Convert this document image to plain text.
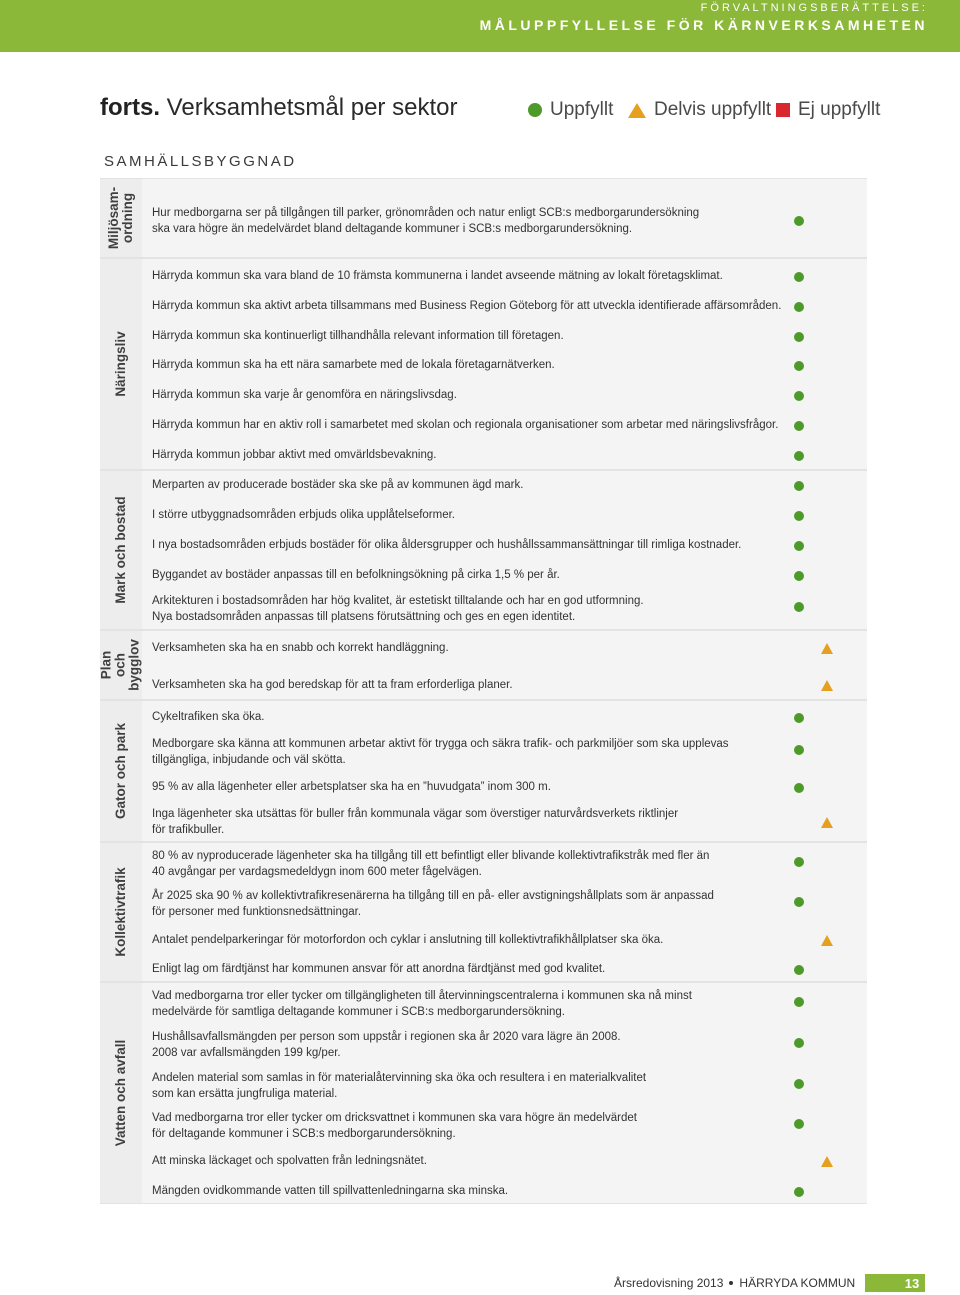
FÖRVALTNINGSBERÄTTELSE:
MÅLUPPFYLLELSE FÖR KÄRNVERKSAMHETEN
forts. Verksamhetsmål per sektor	Uppfyllt Delvis uppfyllt Ej uppfyllt
SAMHÄLLSBYGGNAD
Miljösam-
ordning Hur medborgarna ser på tillgången till parker, grönområden och natur enligt SCB:s medborgarundersökning
ska vara högre än medelvärdet bland deltagande kommuner i SCB:s medborgarundersökning.
Näringsliv
Härryda kommun ska vara bland de 10 främsta kommunerna i landet avseende mätning av lokalt företagsklimat.
Härryda kommun ska aktivt arbeta tillsammans med Business Region Göteborg för att utveckla identifierade affärsområden.
Härryda kommun ska kontinuerligt tillhandhålla relevant information till företagen.
Härryda kommun ska ha ett nära samarbete med de lokala företagarnätverken.
Härryda kommun ska varje år genomföra en näringslivsdag.
Härryda kommun har en aktiv roll i samarbetet med skolan och regionala organisationer som arbetar med näringslivsfrågor.
Härryda kommun jobbar aktivt med omvärldsbevakning.
Mark och bostad
Merparten av producerade bostäder ska ske på av kommunen ägd mark.
I större utbyggnadsområden erbjuds olika upplåtelseformer.
I nya bostadsområden erbjuds bostäder för olika åldersgrupper och hushållssammansättningar till rimliga kostnader.
Byggandet av bostäder anpassas till en befolkningsökning på cirka 1,5 % per år.
Arkitekturen i bostadsområden har hög kvalitet, är estetiskt tilltalande och har en god utformning.
Nya bostadsområden anpassas till platsens förutsättning och ges en egen identitet.
Plan och
bygglov Verksamheten ska ha en snabb och korrekt handläggning.
Verksamheten ska ha god beredskap för att ta fram erforderliga planer.
Gator och park
Cykeltrafiken ska öka.
Medborgare ska känna att kommunen arbetar aktivt för trygga och säkra trafik- och parkmiljöer som ska upplevas
tillgängliga, inbjudande och väl skötta.
95 % av alla lägenheter eller arbetsplatser ska ha en ”huvudgata” inom 300 m.
Inga lägenheter ska utsättas för buller från kommunala vägar som överstiger naturvårdsverkets riktlinjer
för trafikbuller.
Kollektivtrafik
80 % av nyproducerade lägenheter ska ha tillgång till ett befintligt eller blivande kollektivtrafikstråk med fler än
40 avgångar per vardagsmedeldygn inom 600 meter fågelvägen.
År 2025 ska 90 % av kollektivtrafikresenärerna ha tillgång till en på- eller avstigningshållplats som är anpassad
för personer med funktionsnedsättningar.
Antalet pendelparkeringar för motorfordon och cyklar i anslutning till kollektivtrafikhållplatser ska öka.
Enligt lag om färdtjänst har kommunen ansvar för att anordna färdtjänst med god kvalitet.
Vatten och avfall
Vad medborgarna tror eller tycker om tillgängligheten till återvinningscentralerna i kommunen ska nå minst
medelvärde för samtliga deltagande kommuner i SCB:s medborgarundersökning.
Hushållsavfallsmängden per person som uppstår i regionen ska år 2020 vara lägre än 2008.
2008 var avfallsmängden 199 kg/per.
Andelen material som samlas in för materialåtervinning ska öka och resultera i en materialkvalitet
som kan ersätta jungfruliga material.
Vad medborgarna tror eller tycker om dricksvattnet i kommunen ska vara högre än medelvärdet
för deltagande kommuner i SCB:s medborgarundersökning.
Att minska läckaget och spolvatten från ledningsnätet.
Mängden ovidkommande vatten till spillvattenledningarna ska minska.
Årsredovisning 2013 HÄRRYDA KOMMUN	13
